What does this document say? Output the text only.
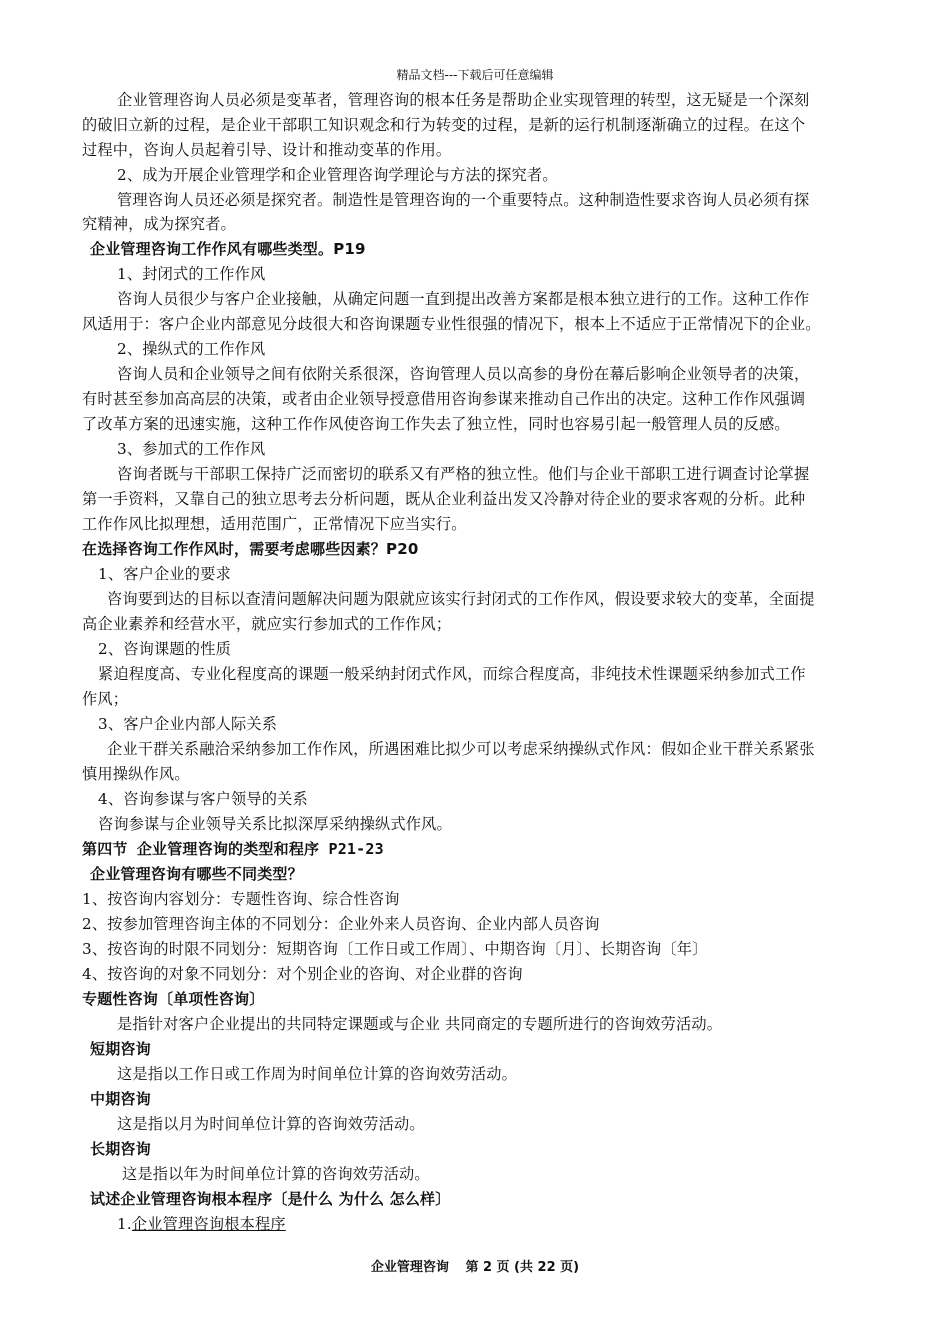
精品文档---下载后可任意编辑
企业管理咨询人员必须是变革者，管理咨询的根本任务是帮助企业实现管理的转型，这无疑是一个深刻
的破旧立新的过程，是企业干部职工知识观念和行为转变的过程，是新的运行机制逐渐确立的过程。在这个
过程中，咨询人员起着引导、设计和推动变革的作用。
2、成为开展企业管理学和企业管理咨询学理论与方法的探究者。
管理咨询人员还必须是探究者。制造性是管理咨询的一个重要特点。这种制造性要求咨询人员必须有探
究精神，成为探究者。
企业管理咨询工作作风有哪些类型。P19
1、封闭式的工作作风
咨询人员很少与客户企业接触，从确定问题一直到提出改善方案都是根本独立进行的工作。这种工作作
风适用于：客户企业内部意见分歧很大和咨询课题专业性很强的情况下，根本上不适应于正常情况下的企业。
2、操纵式的工作作风
咨询人员和企业领导之间有依附关系很深，咨询管理人员以高参的身份在幕后影响企业领导者的决策，
有时甚至参加高高层的决策，或者由企业领导授意借用咨询参谋来推动自己作出的决定。这种工作作风强调
了改革方案的迅速实施，这种工作作风使咨询工作失去了独立性，同时也容易引起一般管理人员的反感。
3、参加式的工作作风
咨询者既与干部职工保持广泛而密切的联系又有严格的独立性。他们与企业干部职工进行调查讨论掌握
第一手资料，又靠自己的独立思考去分析问题，既从企业利益出发又冷静对待企业的要求客观的分析。此种
工作作风比拟理想，适用范围广，正常情况下应当实行。
在选择咨询工作作风时，需要考虑哪些因素？P20
1、客户企业的要求
咨询要到达的目标以查清问题解决问题为限就应该实行封闭式的工作作风，假设要求较大的变革，全面提
高企业素养和经营水平，就应实行参加式的工作作风；
2、咨询课题的性质
紧迫程度高、专业化程度高的课题一般采纳封闭式作风，而综合程度高，非纯技术性课题采纳参加式工作
作风；
3、客户企业内部人际关系
企业干群关系融洽采纳参加工作作风，所遇困难比拟少可以考虑采纳操纵式作风：假如企业干群关系紧张
慎用操纵作风。
4、咨询参谋与客户领导的关系
咨询参谋与企业领导关系比拟深厚采纳操纵式作风。
第四节 企业管理咨询的类型和程序 P21-23
企业管理咨询有哪些不同类型？
1、按咨询内容划分：专题性咨询、综合性咨询
2、按参加管理咨询主体的不同划分：企业外来人员咨询、企业内部人员咨询
3、按咨询的时限不同划分：短期咨询〔工作日或工作周〕、中期咨询〔月〕、长期咨询〔年〕
4、按咨询的对象不同划分：对个别企业的咨询、对企业群的咨询
专题性咨询〔单项性咨询〕
是指针对客户企业提出的共同特定课题或与企业 共同商定的专题所进行的咨询效劳活动。
短期咨询
这是指以工作日或工作周为时间单位计算的咨询效劳活动。
中期咨询
这是指以月为时间单位计算的咨询效劳活动。
长期咨询
这是指以年为时间单位计算的咨询效劳活动。
试述企业管理咨询根本程序〔是什么 为什么 怎么样〕
1.企业管理咨询根本程序
企业管理咨询 第 2 页 (共 22 页)
